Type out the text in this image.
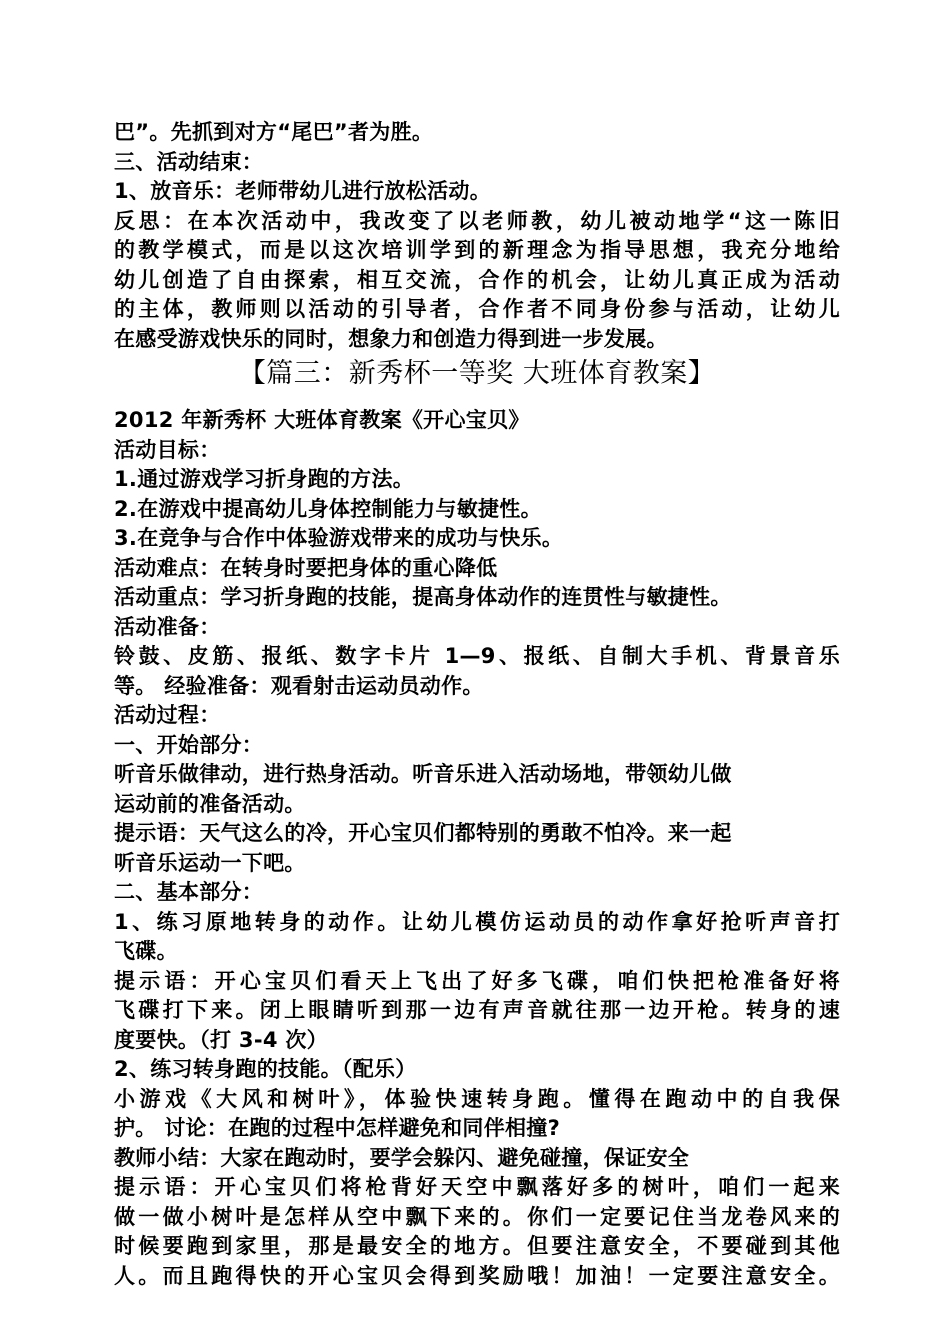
巴”。先抓到对方“尾巴”者为胜。
三、活动结束：
1、放音乐：老师带幼儿进行放松活动。
反思：在本次活动中，我改变了以老师教，幼儿被动地学“这一陈旧
的教学模式，而是以这次培训学到的新理念为指导思想，我充分地给
幼儿创造了自由探索，相互交流，合作的机会，让幼儿真正成为活动
的主体，教师则以活动的引导者，合作者不同身份参与活动，让幼儿
在感受游戏快乐的同时，想象力和创造力得到进一步发展。
【篇三：新秀杯一等奖 大班体育教案】
2012 年新秀杯 大班体育教案《开心宝贝》
活动目标：
1.通过游戏学习折身跑的方法。
2.在游戏中提高幼儿身体控制能力与敏捷性。
3.在竞争与合作中体验游戏带来的成功与快乐。
活动难点：在转身时要把身体的重心降低
活动重点：学习折身跑的技能，提高身体动作的连贯性与敏捷性。
活动准备：
铃鼓、皮筋、报纸、数字卡片 1—9、报纸、自制大手机、背景音乐
等。 经验准备：观看射击运动员动作。
活动过程：
一、开始部分：
听音乐做律动，进行热身活动。听音乐进入活动场地，带领幼儿做
运动前的准备活动。
提示语：天气这么的冷，开心宝贝们都特别的勇敢不怕冷。来一起
听音乐运动一下吧。
二、基本部分：
1、练习原地转身的动作。让幼儿模仿运动员的动作拿好抢听声音打
飞碟。
提示语：开心宝贝们看天上飞出了好多飞碟，咱们快把枪准备好将
飞碟打下来。闭上眼睛听到那一边有声音就往那一边开枪。转身的速
度要快。（打 3-4 次）
2、练习转身跑的技能。（配乐）
小游戏《大风和树叶》，体验快速转身跑。懂得在跑动中的自我保
护。 讨论：在跑的过程中怎样避免和同伴相撞?
教师小结：大家在跑动时，要学会躲闪、避免碰撞，保证安全
提示语：开心宝贝们将枪背好天空中飘落好多的树叶，咱们一起来
做一做小树叶是怎样从空中飘下来的。你们一定要记住当龙卷风来的
时候要跑到家里，那是最安全的地方。但要注意安全，不要碰到其他
人。而且跑得快的开心宝贝会得到奖励哦！加油！一定要注意安全。
